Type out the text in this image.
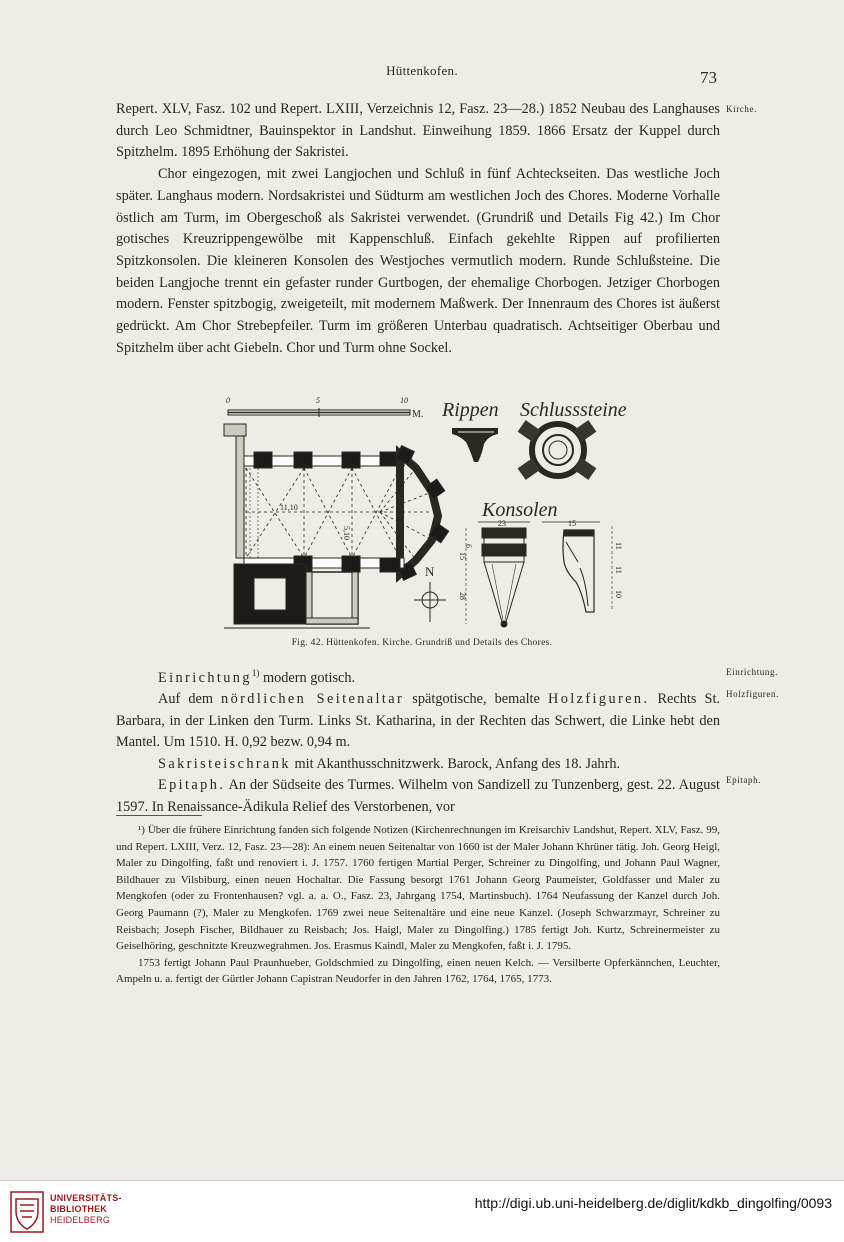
Hüttenkofen.	73
Kirche.

Repert. XLV, Fasz. 102 und Repert. LXIII, Verzeichnis 12, Fasz. 23—28.) 1852 Neubau des Langhauses durch Leo Schmidtner, Bauinspektor in Landshut. Einweihung 1859. 1866 Ersatz der Kuppel durch Spitzhelm. 1895 Erhöhung der Sakristei.

Chor eingezogen, mit zwei Langjochen und Schluß in fünf Achteckseiten. Das westliche Joch später. Langhaus modern. Nordsakristei und Südturm am westlichen Joch des Chores. Moderne Vorhalle östlich am Turm, im Obergeschoß als Sakristei verwendet. (Grundriß und Details Fig 42.) Im Chor gotisches Kreuzrippengewölbe mit Kappenschluß. Einfach gekehlte Rippen auf profilierten Spitzkonsolen. Die kleineren Konsolen des Westjoches vermutlich modern. Runde Schlußsteine. Die beiden Langjoche trennt ein gefaster runder Gurtbogen, der ehemalige Chorbogen. Jetziger Chorbogen modern. Fenster spitzbogig, zweigeteilt, mit modernem Maßwerk. Der Innenraum des Chores ist äußerst gedrückt. Am Chor Strebepfeiler. Turm im größeren Unterbau quadratisch. Achtseitiger Oberbau und Spitzhelm über acht Giebeln. Chor und Turm ohne Sockel.

0	5	10
M. Rippen Schlusssteine
11,10
5,10
N
Konsolen
23
15
28
6
15
11
11
10
Fig. 42. Hüttenkofen. Kirche. Grundriß und Details des Chores.
Einrichtung.
Holzfiguren.
Epitaph.

Einrichtung$^{1)}$ modern gotisch.

Auf dem nördlichen Seitenaltar spätgotische, bemalte Holzfiguren. Rechts St. Barbara, in der Linken den Turm. Links St. Katharina, in der Rechten das Schwert, die Linke hebt den Mantel. Um 1510. H. 0,92 bezw. 0,94 m.

Sakristeischrank mit Akanthusschnitzwerk. Barock, Anfang des 18. Jahrh.

Epitaph. An der Südseite des Turmes. Wilhelm von Sandizell zu Tunzenberg, gest. 22. August 1597. In Renaissance-Ädikula Relief des Verstorbenen, vor

¹) Über die frühere Einrichtung fanden sich folgende Notizen (Kirchenrechnungen im Kreisarchiv Landshut, Repert. XLV, Fasz. 99, und Repert. LXIII, Verz. 12, Fasz. 23—28): An einem neuen Seitenaltar von 1660 ist der Maler Johann Khrüner tätig. Joh. Georg Heigl, Maler zu Dingolfing, faßt und renoviert i. J. 1757. 1760 fertigen Martial Perger, Schreiner zu Dingolfing, und Johann Paul Wagner, Bildhauer zu Vilsbiburg, einen neuen Hochaltar. Die Fassung besorgt 1761 Johann Georg Paumeister, Goldfasser und Maler zu Mengkofen (oder zu Frontenhausen? vgl. a. a. O., Fasz. 23, Jahrgang 1754, Martinsbuch). 1764 Neufassung der Kanzel durch Joh. Georg Paumann (?), Maler zu Mengkofen. 1769 zwei neue Seitenaltäre und eine neue Kanzel. (Joseph Schwarzmayr, Schreiner zu Reisbach; Joseph Fischer, Bildhauer zu Reisbach; Jos. Haigl, Maler zu Dingolfing.) 1785 fertigt Joh. Kurtz, Schreinermeister zu Geiselhöring, geschnitzte Kreuzwegrahmen. Jos. Erasmus Kaindl, Maler zu Mengkofen, faßt i. J. 1795.

1753 fertigt Johann Paul Praunhueber, Goldschmied zu Dingolfing, einen neuen Kelch. — Versilberte Opferkännchen, Leuchter, Ampeln u. a. fertigt der Gürtler Johann Capistran Neudorfer in den Jahren 1762, 1764, 1765, 1773.

UNIVERSITÄTS-
BIBLIOTHEK
HEIDELBERG
http://digi.ub.uni-heidelberg.de/diglit/kdkb_dingolfing/0093
